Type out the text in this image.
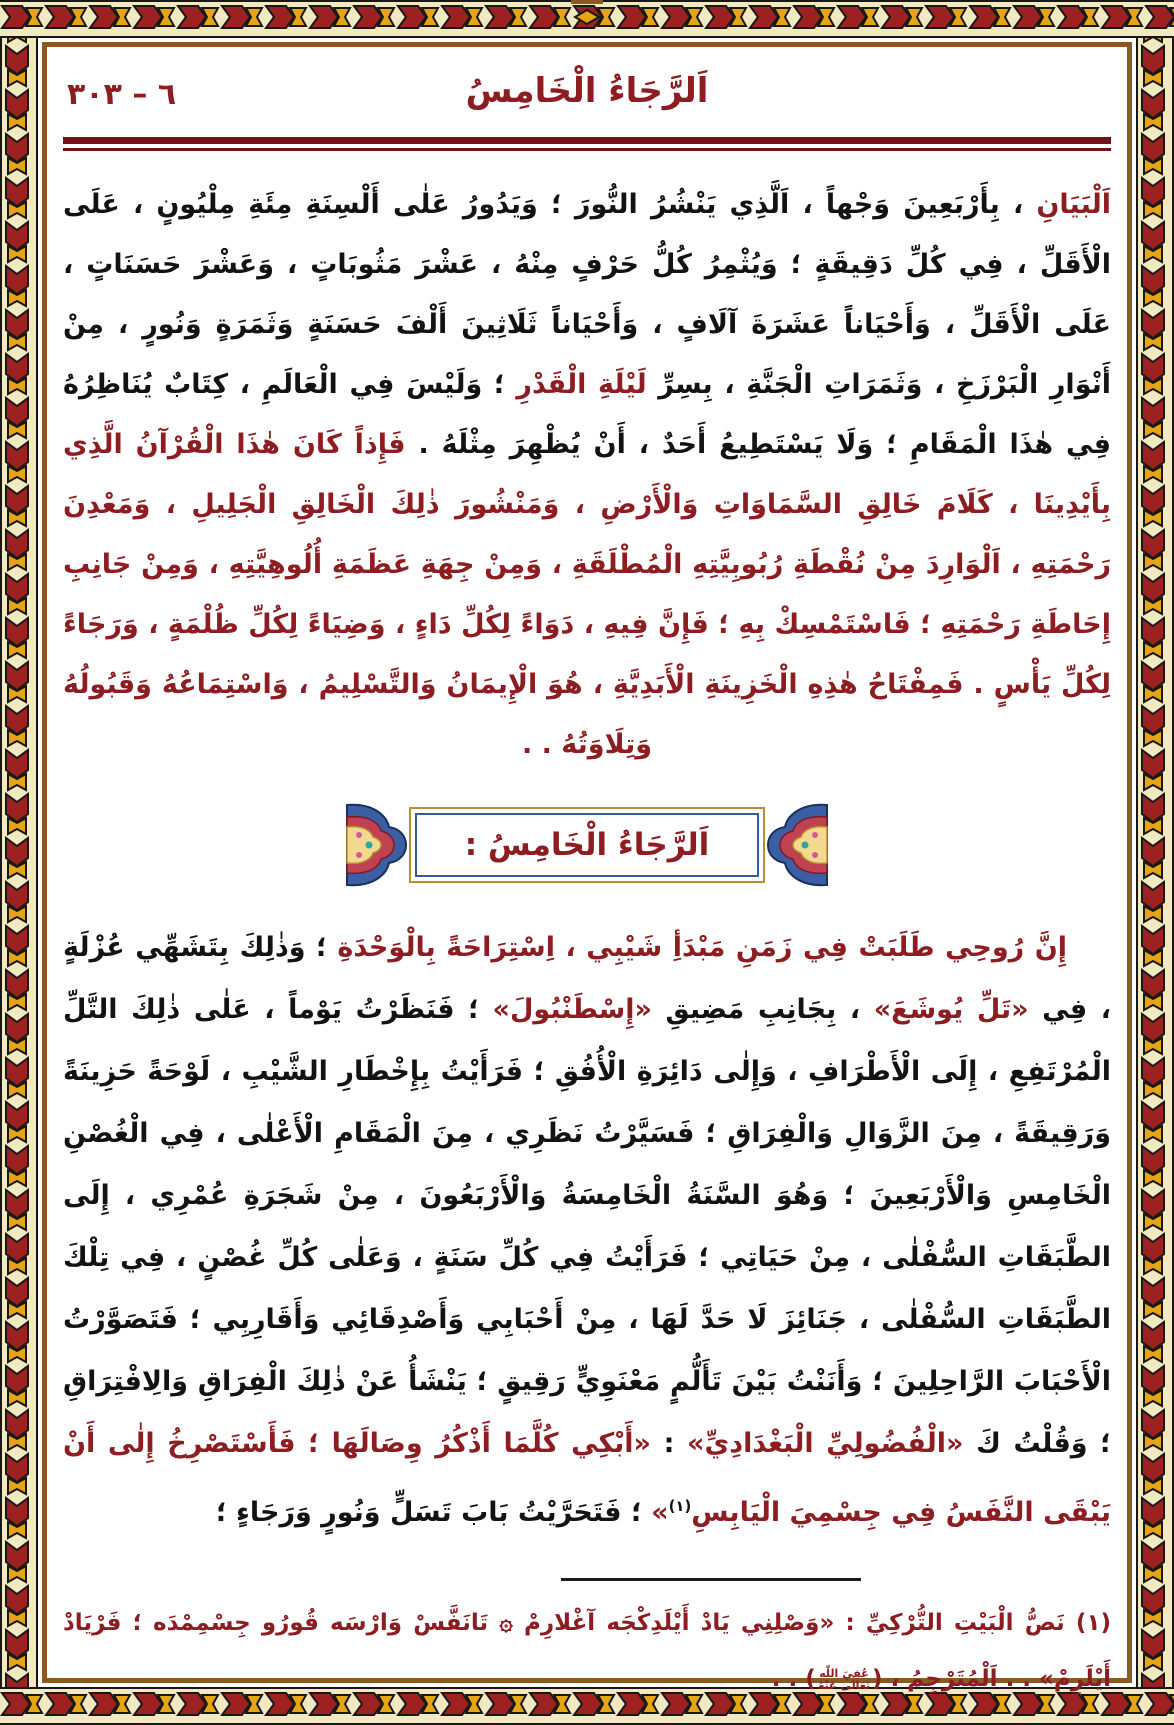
٦ – ٣٠٣	اَلرَّجَاءُ الْخَامِسُ

اَلْبَيَانِ ، بِأَرْبَعِينَ وَجْهاً ، اَلَّذِي يَنْشُرُ النُّورَ ؛ وَيَدُورُ عَلٰى أَلْسِنَةِ مِئَةِ مِلْيُونٍ ، عَلَى الْأَقَلِّ ، فِي كُلِّ دَقِيقَةٍ ؛ وَيُثْمِرُ كُلُّ حَرْفٍ مِنْهُ ، عَشْرَ مَثُوبَاتٍ ، وَعَشْرَ حَسَنَاتٍ ، عَلَى الْأَقَلِّ ، وَأَحْيَاناً عَشَرَةَ آلَافٍ ، وَأَحْيَاناً ثَلَاثِينَ أَلْفَ حَسَنَةٍ وَثَمَرَةٍ وَنُورٍ ، مِنْ أَنْوَارِ الْبَرْزَخِ ، وَثَمَرَاتِ الْجَنَّةِ ، بِسِرِّ لَيْلَةِ الْقَدْرِ ؛ وَلَيْسَ فِي الْعَالَمِ ، كِتَابٌ يُنَاظِرُهُ فِي هٰذَا الْمَقَامِ ؛ وَلَا يَسْتَطِيعُ أَحَدٌ ، أَنْ يُظْهِرَ مِثْلَهُ . فَإِذاً كَانَ هٰذَا الْقُرْآنُ الَّذِي بِأَيْدِينَا ، كَلَامَ خَالِقِ السَّمَاوَاتِ وَالْأَرْضِ ، وَمَنْشُورَ ذٰلِكَ الْخَالِقِ الْجَلِيلِ ، وَمَعْدِنَ رَحْمَتِهِ ، اَلْوَارِدَ مِنْ نُقْطَةِ رُبُوبِيَّتِهِ الْمُطْلَقَةِ ، وَمِنْ جِهَةِ عَظَمَةِ أُلُوهِيَّتِهِ ، وَمِنْ جَانِبِ إِحَاطَةِ رَحْمَتِهِ ؛ فَاسْتَمْسِكْ بِهِ ؛ فَإِنَّ فِيهِ ، دَوَاءً لِكُلِّ دَاءٍ ، وَضِيَاءً لِكُلِّ ظُلْمَةٍ ، وَرَجَاءً لِكُلِّ يَأْسٍ . فَمِفْتَاحُ هٰذِهِ الْخَزِينَةِ الْأَبَدِيَّةِ ، هُوَ الْإِيمَانُ وَالتَّسْلِيمُ ، وَاسْتِمَاعُهُ وَقَبُولُهُ وَتِلَاوَتُهُ . .

اَلرَّجَاءُ الْخَامِسُ :

إِنَّ رُوحِي طَلَبَتْ فِي زَمَنِ مَبْدَأِ شَيْبِي ، اِسْتِرَاحَةً بِالْوَحْدَةِ ؛ وَذٰلِكَ بِتَشَهِّي عُزْلَةٍ ، فِي «تَلِّ يُوشَعَ» ، بِجَانِبِ مَضِيقِ «إِسْطَنْبُولَ» ؛ فَنَظَرْتُ يَوْماً ، عَلٰى ذٰلِكَ التَّلِّ الْمُرْتَفِعِ ، إِلَى الْأَطْرَافِ ، وَإِلٰى دَائِرَةِ الْأُفُقِ ؛ فَرَأَيْتُ بِإِخْطَارِ الشَّيْبِ ، لَوْحَةً حَزِينَةً وَرَقِيقَةً ، مِنَ الزَّوَالِ وَالْفِرَاقِ ؛ فَسَيَّرْتُ نَظَرِي ، مِنَ الْمَقَامِ الْأَعْلٰى ، فِي الْغُصْنِ الْخَامِسِ وَالْأَرْبَعِينَ ؛ وَهُوَ السَّنَةُ الْخَامِسَةُ وَالْأَرْبَعُونَ ، مِنْ شَجَرَةِ عُمْرِي ، إِلَى الطَّبَقَاتِ السُّفْلٰى ، مِنْ حَيَاتِي ؛ فَرَأَيْتُ فِي كُلِّ سَنَةٍ ، وَعَلٰى كُلِّ غُصْنٍ ، فِي تِلْكَ الطَّبَقَاتِ السُّفْلٰى ، جَنَائِزَ لَا حَدَّ لَهَا ، مِنْ أَحْبَابِي وَأَصْدِقَائِي وَأَقَارِبِي ؛ فَتَصَوَّرْتُ الْأَحْبَابَ الرَّاحِلِينَ ؛ وَأَنَنْتُ بَيْنَ تَأَلُّمٍ مَعْنَوِيٍّ رَقِيقٍ ؛ يَنْشَأُ عَنْ ذٰلِكَ الْفِرَاقِ وَالِافْتِرَاقِ ؛ وَقُلْتُ كَ «الْفُضُولِيِّ الْبَغْدَادِيِّ» : «أَبْكِي كُلَّمَا أَذْكُرُ وِصَالَهَا ؛ فَأَسْتَصْرِخُ إِلٰى أَنْ يَبْقَى النَّفَسُ فِي جِسْمِيَ الْيَابِسِ$^{(١)}$» ؛ فَتَحَرَّيْتُ بَابَ تَسَلٍّ وَنُورٍ وَرَجَاءٍ ؛

(١) نَصُّ الْبَيْتِ التُّرْكِيِّ : «وَصْلِنِي يَادْ أَيْلَدِكْجَه آغْلارِمْ ۞ تَانَفَّسْ وَارْسَه قُورُو جِسْمِمْدَه ؛ فَرْيَادْ أَيْلَرِمْ» . . اَلْمُتَرْجِمُ ، (
عُفِيَ اللّٰه
تَعَالٰى عَنْهُ
) . .
